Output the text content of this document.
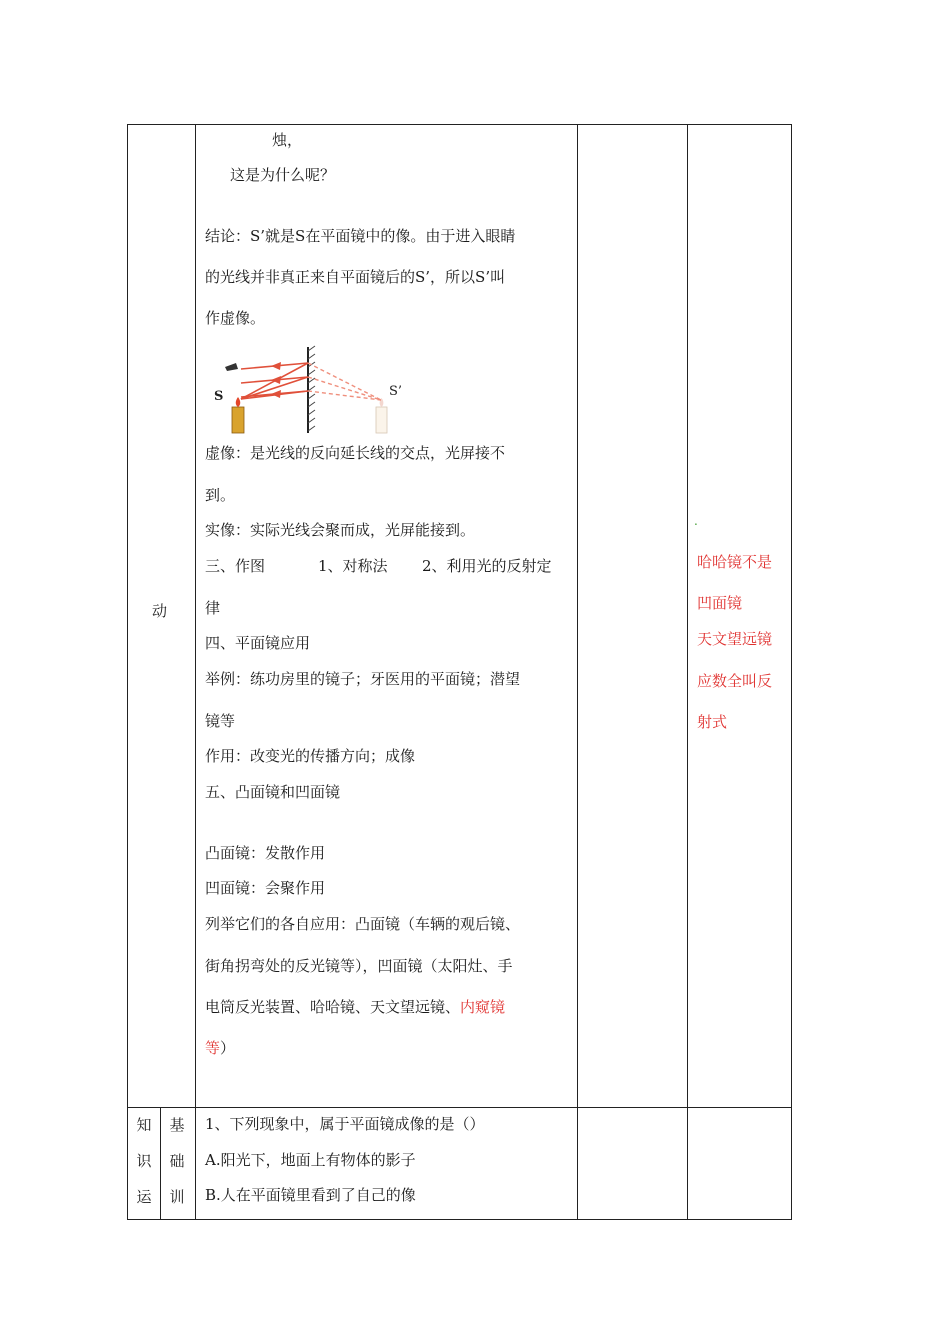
动
烛，
这是为什么呢？
结论：S’就是S在平面镜中的像。由于进入眼睛
的光线并非真正来自平面镜后的S’，所以S’叫
作虚像。
S	S’
虚像：是光线的反向延长线的交点，光屏接不
到。
实像：实际光线会聚而成，光屏能接到。
三、作图	1、对称法 2、利用光的反射定
律
四、平面镜应用
举例：练功房里的镜子；牙医用的平面镜；潜望
镜等
作用：改变光的传播方向；成像
五、凸面镜和凹面镜
凸面镜：发散作用
凹面镜：会聚作用
列举它们的各自应用：凸面镜（车辆的观后镜、
街角拐弯处的反光镜等），凹面镜（太阳灶、手
电筒反光装置、哈哈镜、天文望远镜、内窥镜
等）
.
哈哈镜不是
凹面镜
天文望远镜
应数全叫反
射式
知
识
运
基
础
训
1、下列现象中，属于平面镜成像的是（）
A.阳光下，地面上有物体的影子
B.人在平面镜里看到了自己的像
